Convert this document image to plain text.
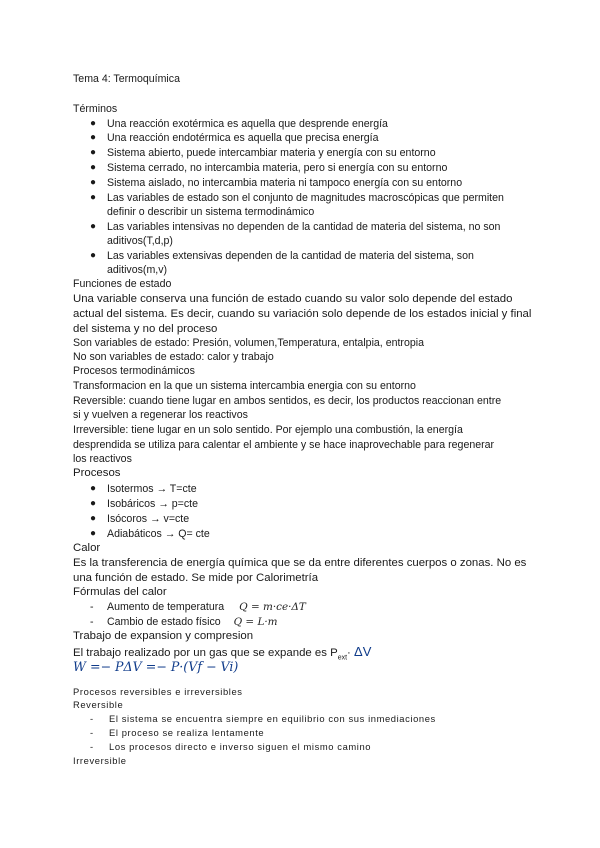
Tema 4: Termoquímica
Términos
● Una reacción exotérmica es aquella que desprende energía
● Una reacción endotérmica es aquella que precisa energía
● Sistema abierto, puede intercambiar materia y energía con su entorno
● Sistema cerrado, no intercambia materia, pero si energía con su entorno
● Sistema aislado, no intercambia materia ni tampoco energía con su entorno
● Las variables de estado son el conjunto de magnitudes macroscópicas que permiten
definir o describir un sistema termodinámico
● Las variables intensivas no dependen de la cantidad de materia del sistema, no son
aditivos(T,d,p)
● Las variables extensivas dependen de la cantidad de materia del sistema, son
aditivos(m,v)
Funciones de estado
Una variable conserva una función de estado cuando su valor solo depende del estado
actual del sistema. Es decir, cuando su variación solo depende de los estados inicial y final
del sistema y no del proceso
Son variables de estado: Presión, volumen,Temperatura, entalpia, entropia
No son variables de estado: calor y trabajo
Procesos termodinámicos
Transformacion en la que un sistema intercambia energia con su entorno
Reversible: cuando tiene lugar en ambos sentidos, es decir, los productos reaccionan entre
si y vuelven a regenerar los reactivos
Irreversible: tiene lugar en un solo sentido. Por ejemplo una combustión, la energía
desprendida se utiliza para calentar el ambiente y se hace inaprovechable para regenerar
los reactivos
Procesos
● Isotermos → T=cte
● Isobáricos → p=cte
● Isócoros → v=cte
● Adiabáticos → Q= cte
Calor
Es la transferencia de energía química que se da entre diferentes cuerpos o zonas. No es
una función de estado. Se mide por Calorimetría
Fórmulas del calor
- Aumento de temperatura Q = m·ce·ΔT
- Cambio de estado físico Q = L·m
Trabajo de expansion y compresion
El trabajo realizado por un gas que se expande es $P_{ext}\cdot \Delta V$
W =− PΔV =− P·(Vf − Vi)
Procesos reversibles e irreversibles
Reversible
- El sistema se encuentra siempre en equilibrio con sus inmediaciones
- El proceso se realiza lentamente
- Los procesos directo e inverso siguen el mismo camino
Irreversible
